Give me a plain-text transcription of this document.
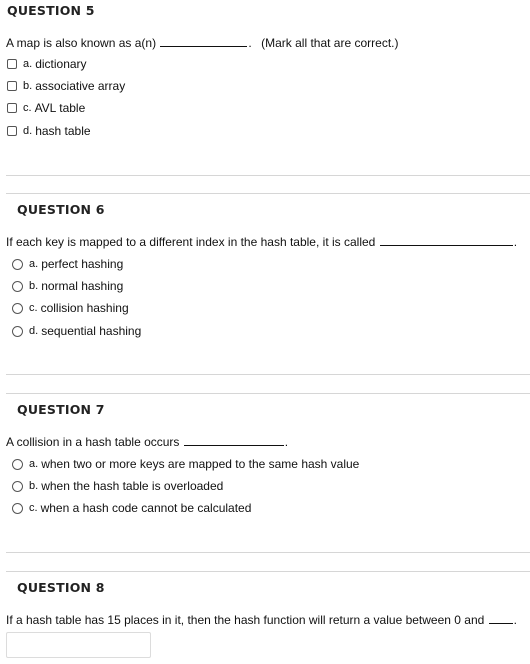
QUESTION 5
A map is also known as a(n)	. (Mark all that are correct.)
a. dictionary
b. associative array
c. AVL table
d. hash table
QUESTION 6
If each key is mapped to a different index in the hash table, it is called	.
a. perfect hashing
b. normal hashing
c. collision hashing
d. sequential hashing
QUESTION 7
A collision in a hash table occurs	.
a. when two or more keys are mapped to the same hash value
b. when the hash table is overloaded
c. when a hash code cannot be calculated
QUESTION 8
If a hash table has 15 places in it, then the hash function will return a value between 0 and .
